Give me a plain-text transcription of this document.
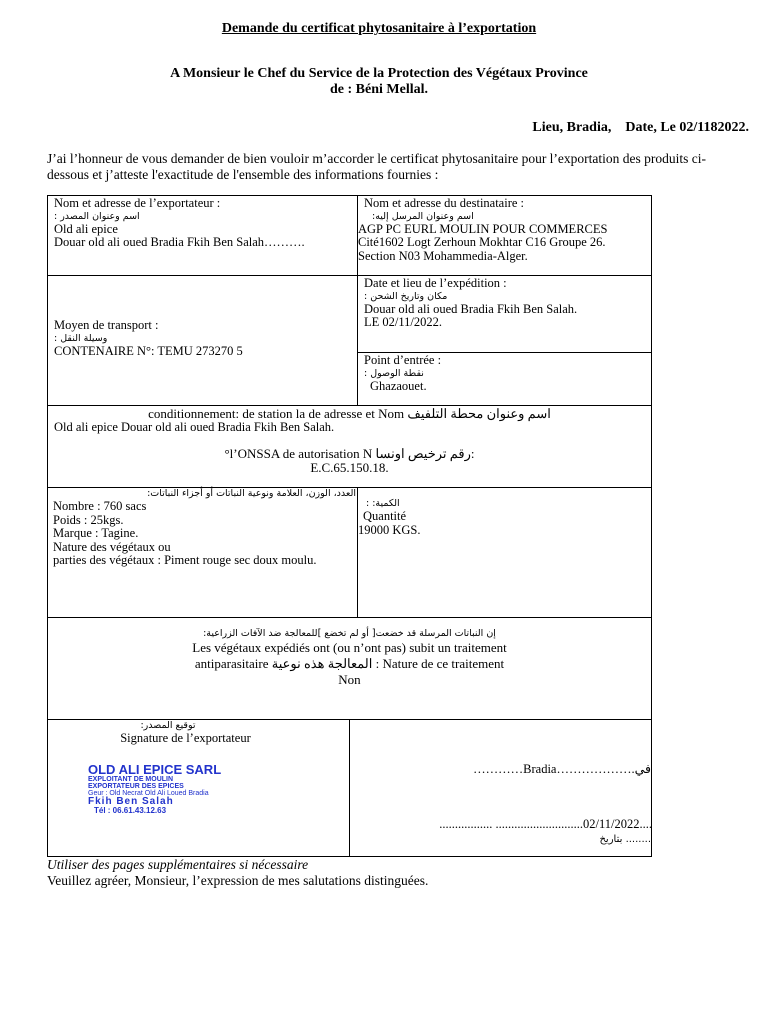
Demande du certificat phytosanitaire à l’exportation
A Monsieur le Chef du Service de la Protection des Végétaux Province
de : Béni Mellal.
Lieu, Bradia,    Date, Le 02/1182022.
J’ai l’honneur de vous demander de bien vouloir m’accorder le certificat phytosanitaire pour l’exportation des produits ci-dessous et j’atteste l'exactitude de l'ensemble des informations fournies :
Nom et adresse de l’exportateur :
اسم وعنوان المصدر :
Old ali epice
Douar old ali oued Bradia Fkih Ben Salah……….
Nom et adresse du destinataire :
اسم وعنوان المرسل إليه:
AGP PC EURL MOULIN POUR COMMERCES
Cité1602 Logt Zerhoun Mokhtar C16 Groupe 26.
Section N03 Mohammedia-Alger.
Moyen de transport :
وسيلة النقل :
CONTENAIRE N°: TEMU 273270 5
Date et lieu de l’expédition :
مكان وتاريخ الشحن :
Douar old ali oued Bradia Fkih Ben Salah.
LE 02/11/2022.
Point d’entrée :
نقطة الوصول :
Ghazaouet.
conditionnement: de station la de adresse et Nom اسم وعنوان محطة التلفيف
Old ali epice Douar old ali oued Bradia Fkih Ben Salah.
°l’ONSSA de autorisation N رقم ترخيص اونسا:
E.C.65.150.18.
العدد، الوزن، العلامة ونوعية النباتات أو أجزاء النباتات:
Nombre : 760 sacs
Poids : 25kgs.
Marque : Tagine.
Nature des végétaux ou
parties des végétaux : Piment rouge sec doux moulu.
الكمية: :
Quantité
19000 KGS.
إن النباتات المرسلة قد خضعت[ أو لم تخضع ]للمعالجة ضد الآفات الزراعية:
Les végétaux expédiés ont (ou n’ont pas) subit un traitement
antiparasitaire المعالجة هذه نوعية : Nature de ce traitement
Non
توقيع المصدر:
Signature de l’exportateur
OLD ALI EPICE SARL
EXPLOITANT DE MOULIN
EXPORTATEUR DES EPICES
Geur : Old Necrat Old Ali Loued Bradia
Fkih Ben Salah
Tél : 06.61.43.12.63
…………Bradia……………….في
................. ............................02/11/2022....
بتاريخ ........
Utiliser des pages supplémentaires si nécessaire
Veuillez agréer, Monsieur, l’expression de mes salutations distinguées.
